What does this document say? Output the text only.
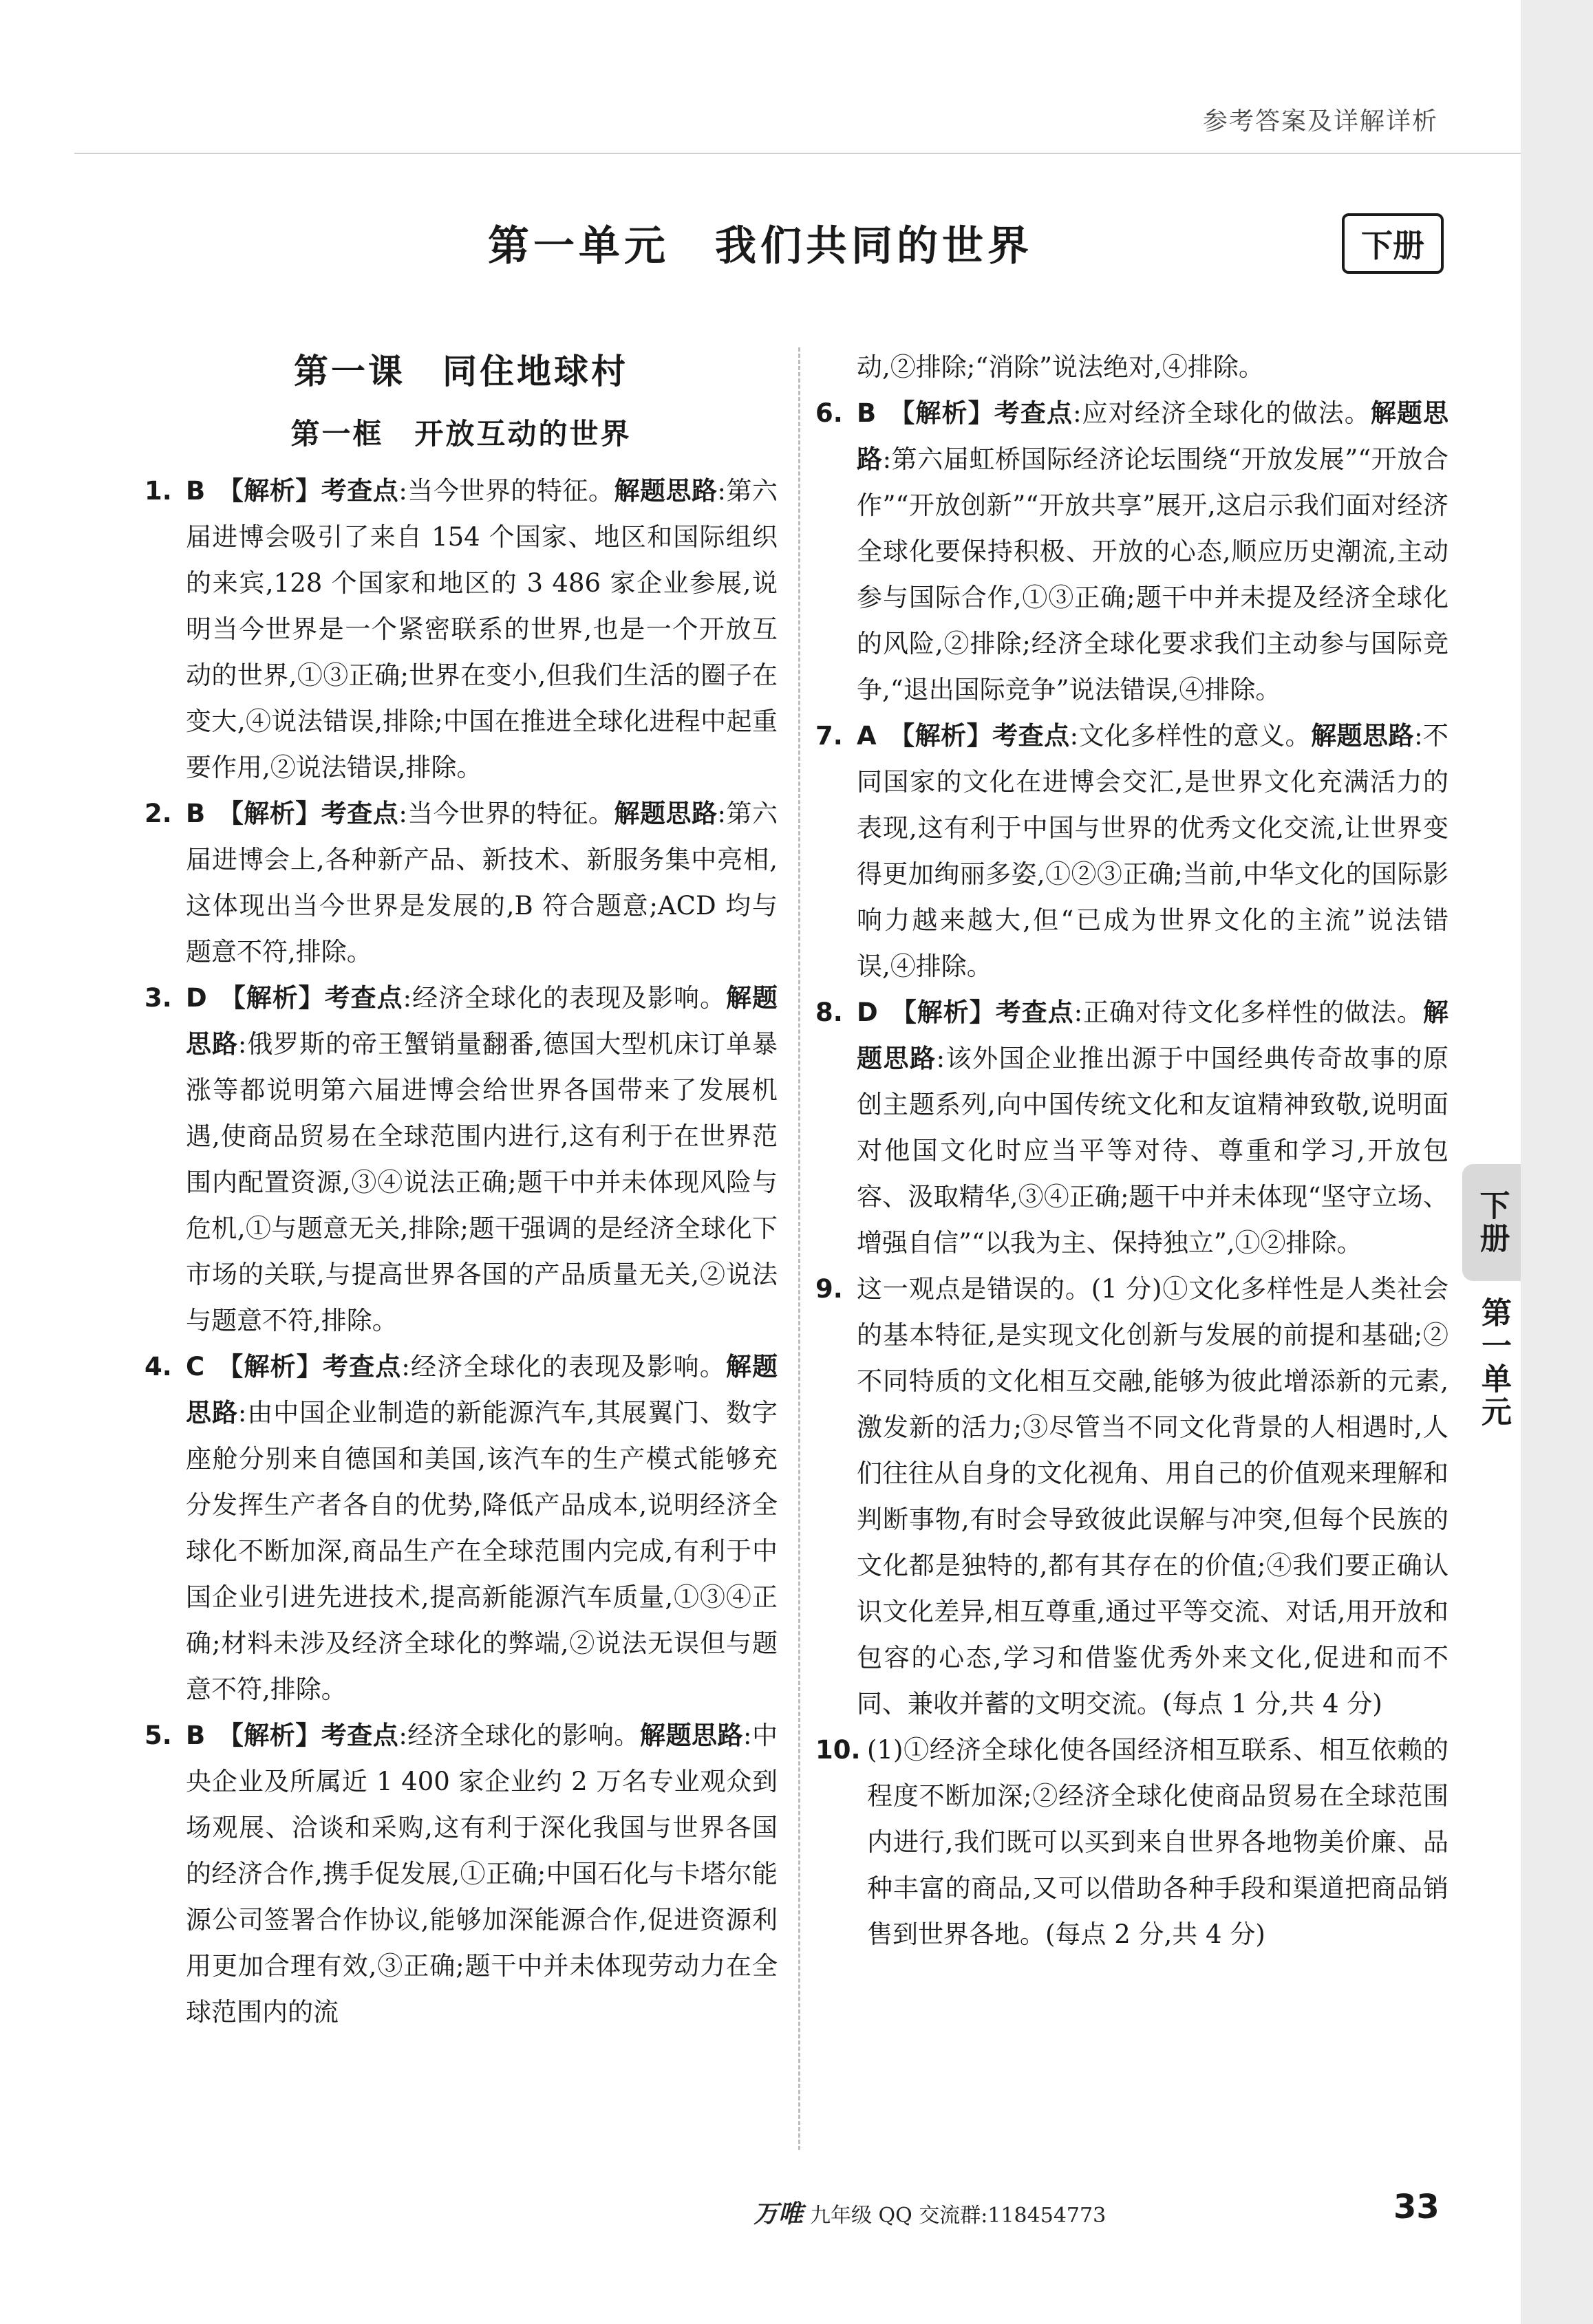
参考答案及详解详析
第一单元　我们共同的世界	下册
第一课　同住地球村
第一框　开放互动的世界
1. B 【解析】考查点:当今世界的特征。解题思路:第六届进博会吸引了来自 154 个国家、地区和国际组织的来宾,128 个国家和地区的 3 486 家企业参展,说明当今世界是一个紧密联系的世界,也是一个开放互动的世界,①③正确;世界在变小,但我们生活的圈子在变大,④说法错误,排除;中国在推进全球化进程中起重要作用,②说法错误,排除。
2. B 【解析】考查点:当今世界的特征。解题思路:第六届进博会上,各种新产品、新技术、新服务集中亮相,这体现出当今世界是发展的,B 符合题意;ACD 均与题意不符,排除。
3. D 【解析】考查点:经济全球化的表现及影响。解题思路:俄罗斯的帝王蟹销量翻番,德国大型机床订单暴涨等都说明第六届进博会给世界各国带来了发展机遇,使商品贸易在全球范围内进行,这有利于在世界范围内配置资源,③④说法正确;题干中并未体现风险与危机,①与题意无关,排除;题干强调的是经济全球化下市场的关联,与提高世界各国的产品质量无关,②说法与题意不符,排除。
4. C 【解析】考查点:经济全球化的表现及影响。解题思路:由中国企业制造的新能源汽车,其展翼门、数字座舱分别来自德国和美国,该汽车的生产模式能够充分发挥生产者各自的优势,降低产品成本,说明经济全球化不断加深,商品生产在全球范围内完成,有利于中国企业引进先进技术,提高新能源汽车质量,①③④正确;材料未涉及经济全球化的弊端,②说法无误但与题意不符,排除。
5. B 【解析】考查点:经济全球化的影响。解题思路:中央企业及所属近 1 400 家企业约 2 万名专业观众到场观展、洽谈和采购,这有利于深化我国与世界各国的经济合作,携手促发展,①正确;中国石化与卡塔尔能源公司签署合作协议,能够加深能源合作,促进资源利用更加合理有效,③正确;题干中并未体现劳动力在全球范围内的流
动,②排除;“消除”说法绝对,④排除。
6. B 【解析】考查点:应对经济全球化的做法。解题思路:第六届虹桥国际经济论坛围绕“开放发展”“开放合作”“开放创新”“开放共享”展开,这启示我们面对经济全球化要保持积极、开放的心态,顺应历史潮流,主动参与国际合作,①③正确;题干中并未提及经济全球化的风险,②排除;经济全球化要求我们主动参与国际竞争,“退出国际竞争”说法错误,④排除。
7. A 【解析】考查点:文化多样性的意义。解题思路:不同国家的文化在进博会交汇,是世界文化充满活力的表现,这有利于中国与世界的优秀文化交流,让世界变得更加绚丽多姿,①②③正确;当前,中华文化的国际影响力越来越大,但“已成为世界文化的主流”说法错误,④排除。
8. D 【解析】考查点:正确对待文化多样性的做法。解题思路:该外国企业推出源于中国经典传奇故事的原创主题系列,向中国传统文化和友谊精神致敬,说明面对他国文化时应当平等对待、尊重和学习,开放包容、汲取精华,③④正确;题干中并未体现“坚守立场、增强自信”“以我为主、保持独立”,①②排除。
9. 这一观点是错误的。(1 分)①文化多样性是人类社会的基本特征,是实现文化创新与发展的前提和基础;②不同特质的文化相互交融,能够为彼此增添新的元素,激发新的活力;③尽管当不同文化背景的人相遇时,人们往往从自身的文化视角、用自己的价值观来理解和判断事物,有时会导致彼此误解与冲突,但每个民族的文化都是独特的,都有其存在的价值;④我们要正确认识文化差异,相互尊重,通过平等交流、对话,用开放和包容的心态,学习和借鉴优秀外来文化,促进和而不同、兼收并蓄的文明交流。(每点 1 分,共 4 分)
10. (1)①经济全球化使各国经济相互联系、相互依赖的程度不断加深;②经济全球化使商品贸易在全球范围内进行,我们既可以买到来自世界各地物美价廉、品种丰富的商品,又可以借助各种手段和渠道把商品销售到世界各地。(每点 2 分,共 4 分)
万唯 九年级 QQ 交流群:118454773	33
下册
第一单元
